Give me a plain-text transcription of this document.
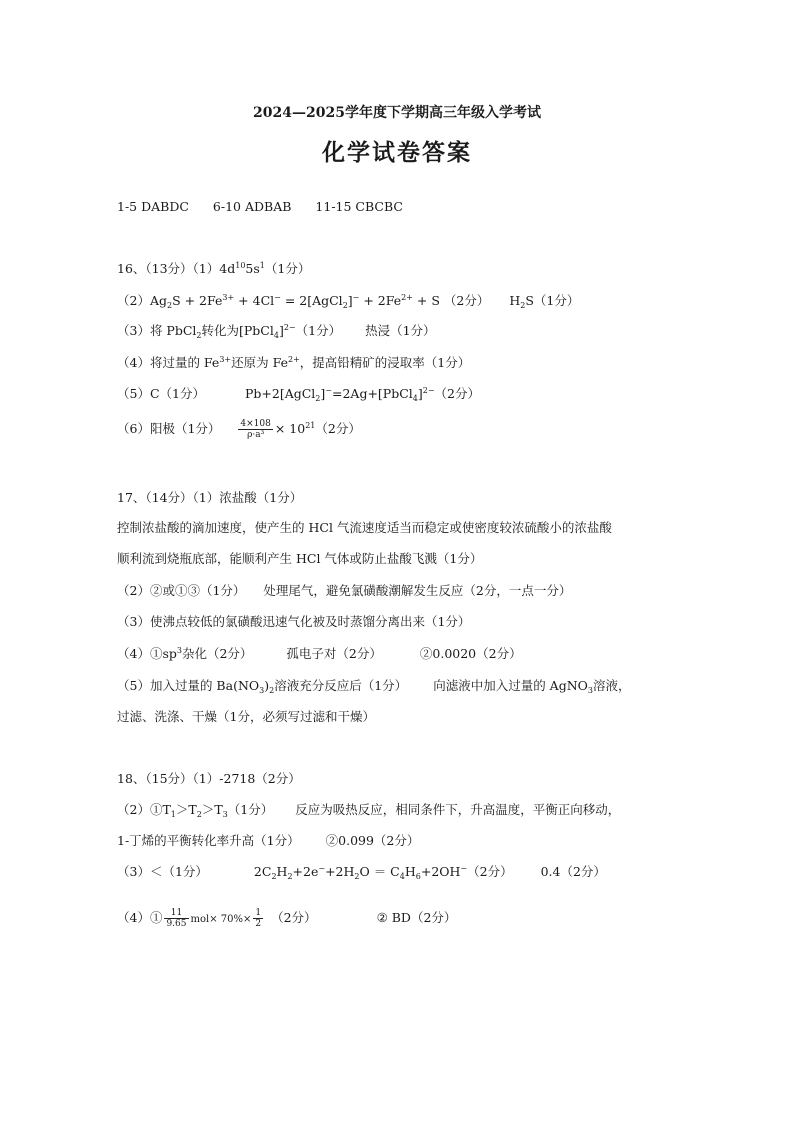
2024—2025学年度下学期高三年级入学考试
化学试卷答案
1-5 DABDC 6-10 ADBAB 11-15 CBCBC
16、（13分）$(1)4d^{10}5s^1(1$分）
$(2)Ag_2S + 2Fe^{3+} + 4Cl^-$ = 2[AgCl$_2$]− + $2Fe^{2+} + S$ （2分） $H_2S(1$分）
（3）将 PbCl$_2$转化为[PbCl$_4$]$^{2-}$（1分） 热浸（1分）
（4）将过量的 $Fe^{3+}$还原为 $Fe^{2+}$，提高铅精矿的浸取率（1分）
（5）C（1分）	Pb+2[AgCl$_2$]−=2Ag+[PbCl$_4$]$^{2-}$（2分）
（6）阳极（1分） $\frac{4\times 108}{\text{ρ·a³}} \times 10^{21}(2$分）
17、（14分）（1）浓盐酸（1分）
控制浓盐酸的滴加速度，使产生的 HCl 气流速度适当而稳定或使密度较浓硫酸小的浓盐酸
顺利流到烧瓶底部，能顺利产生 HCl 气体或防止盐酸飞溅（1分）
（2）②或①③（1分） 处理尾气，避免氯磺酸潮解发生反应（2分，一点一分）
（3）使沸点较低的氯磺酸迅速气化被及时蒸馏分离出来（1分）
$(4)①sp^3$杂化（2分）	孤电子对（2分）	②0.0020（2分）
（5）加入过量的 $Ba(NO_3)_2$溶液充分反应后（1分） 向滤液中加入过量的 AgNO$_3$溶液，
过滤、洗涤、干燥（1分，必须写过滤和干燥）
18、（15分）（1）-2718（2分）
$(2)①T_1>T_2>T_3(1$分） 反应为吸热反应，相同条件下，升高温度，平衡正向移动，
1-丁烯的平衡转化率升高（1分） ②0.099（2分）
（3）＜（1分）	$2C_2H_2+2e^-+2H_2O = C_4H_6+2OH^-(2$分） 0.4（2分）
（4）① $\frac{11}{9.65} mol\times 70\%\times \frac{1}{2} (2$分）	② BD（2分）
